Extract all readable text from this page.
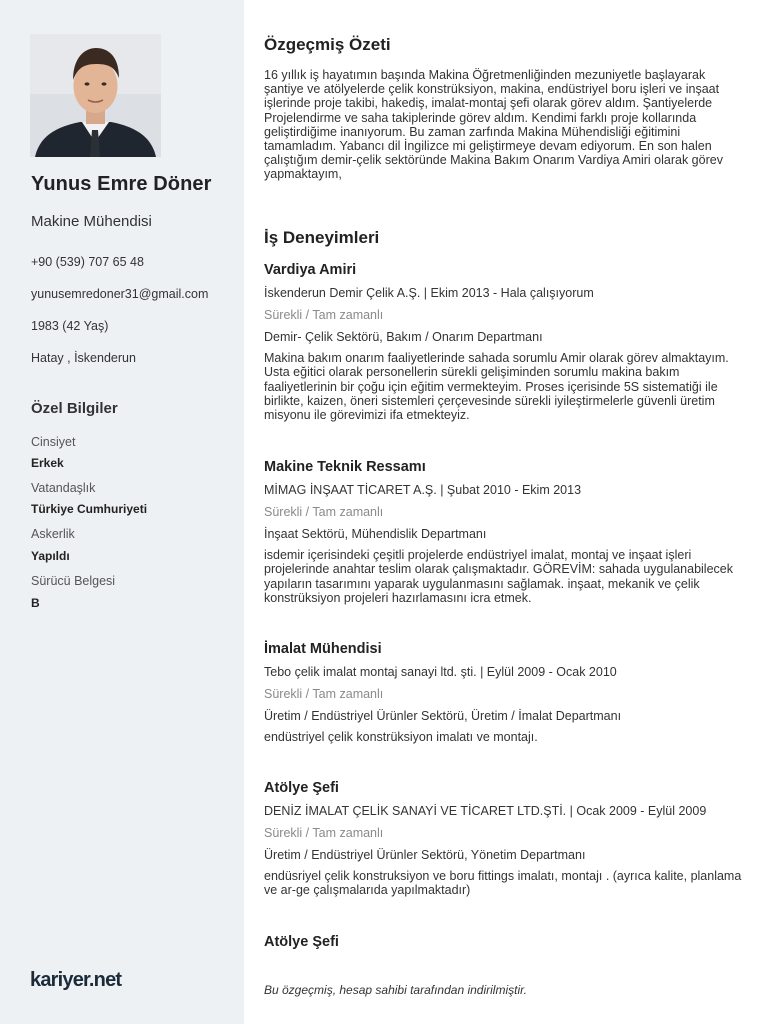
Yunus Emre Döner
Makine Mühendisi
+90 (539) 707 65 48
yunusemredoner31@gmail.com
1983 (42 Yaş)
Hatay , İskenderun
Özel Bilgiler
Cinsiyet
Erkek
Vatandaşlık
Türkiye Cumhuriyeti
Askerlik
Yapıldı
Sürücü Belgesi
B
kariyer.net
Özgeçmiş Özeti
16 yıllık iş hayatımın başında Makina Öğretmenliğinden mezuniyetle başlayarak şantiye ve atölyelerde çelik konstrüksiyon, makina, endüstriyel boru işleri ve inşaat işlerinde proje takibi, hakediş, imalat-montaj şefi olarak görev aldım. Şantiyelerde Projelendirme ve saha takiplerinde görev aldım. Kendimi farklı proje kollarında geliştirdiğime inanıyorum. Bu zaman zarfında Makina Mühendisliği eğitimini tamamladım. Yabancı dil İngilizce mi geliştirmeye devam ediyorum. En son halen çalıştığım demir-çelik sektöründe Makina Bakım Onarım Vardiya Amiri olarak görev yapmaktayım,
İş Deneyimleri
Vardiya Amiri
İskenderun Demir Çelik A.Ş. | Ekim 2013 - Hala çalışıyorum
Sürekli / Tam zamanlı
Demir- Çelik Sektörü, Bakım / Onarım Departmanı
Makina bakım onarım faaliyetlerinde sahada sorumlu Amir olarak görev almaktayım. Usta eğitici olarak personellerin sürekli gelişiminden sorumlu makina bakım faaliyetlerinin bir çoğu için eğitim vermekteyim. Proses içerisinde 5S sistematiği ile birlikte, kaizen, öneri sistemleri çerçevesinde sürekli iyileştirmelerle güvenli üretim misyonu ile görevimizi ifa etmekteyiz.
Makine Teknik Ressamı
MİMAG İNŞAAT TİCARET A.Ş. | Şubat 2010 - Ekim 2013
Sürekli / Tam zamanlı
İnşaat Sektörü, Mühendislik Departmanı
isdemir içerisindeki çeşitli projelerde endüstriyel imalat, montaj ve inşaat işleri projelerinde anahtar teslim olarak çalışmaktadır. GÖREVİM: sahada uygulanabilecek yapıların tasarımını yaparak uygulanmasını sağlamak. inşaat, mekanik ve çelik konstrüksiyon projeleri hazırlamasını icra etmek.
İmalat Mühendisi
Tebo çelik imalat montaj sanayi ltd. şti. | Eylül 2009 - Ocak 2010
Sürekli / Tam zamanlı
Üretim / Endüstriyel Ürünler Sektörü, Üretim / İmalat Departmanı
endüstriyel çelik konstrüksiyon imalatı ve montajı.
Atölye Şefi
DENİZ İMALAT ÇELİK SANAYİ VE TİCARET LTD.ŞTİ. | Ocak 2009 - Eylül 2009
Sürekli / Tam zamanlı
Üretim / Endüstriyel Ürünler Sektörü, Yönetim Departmanı
endüsriyel çelik konstruksiyon ve boru fittings imalatı, montajı . (ayrıca kalite, planlama ve ar-ge çalışmalarıda yapılmaktadır)
Atölye Şefi
Bu özgeçmiş, hesap sahibi tarafından indirilmiştir.
